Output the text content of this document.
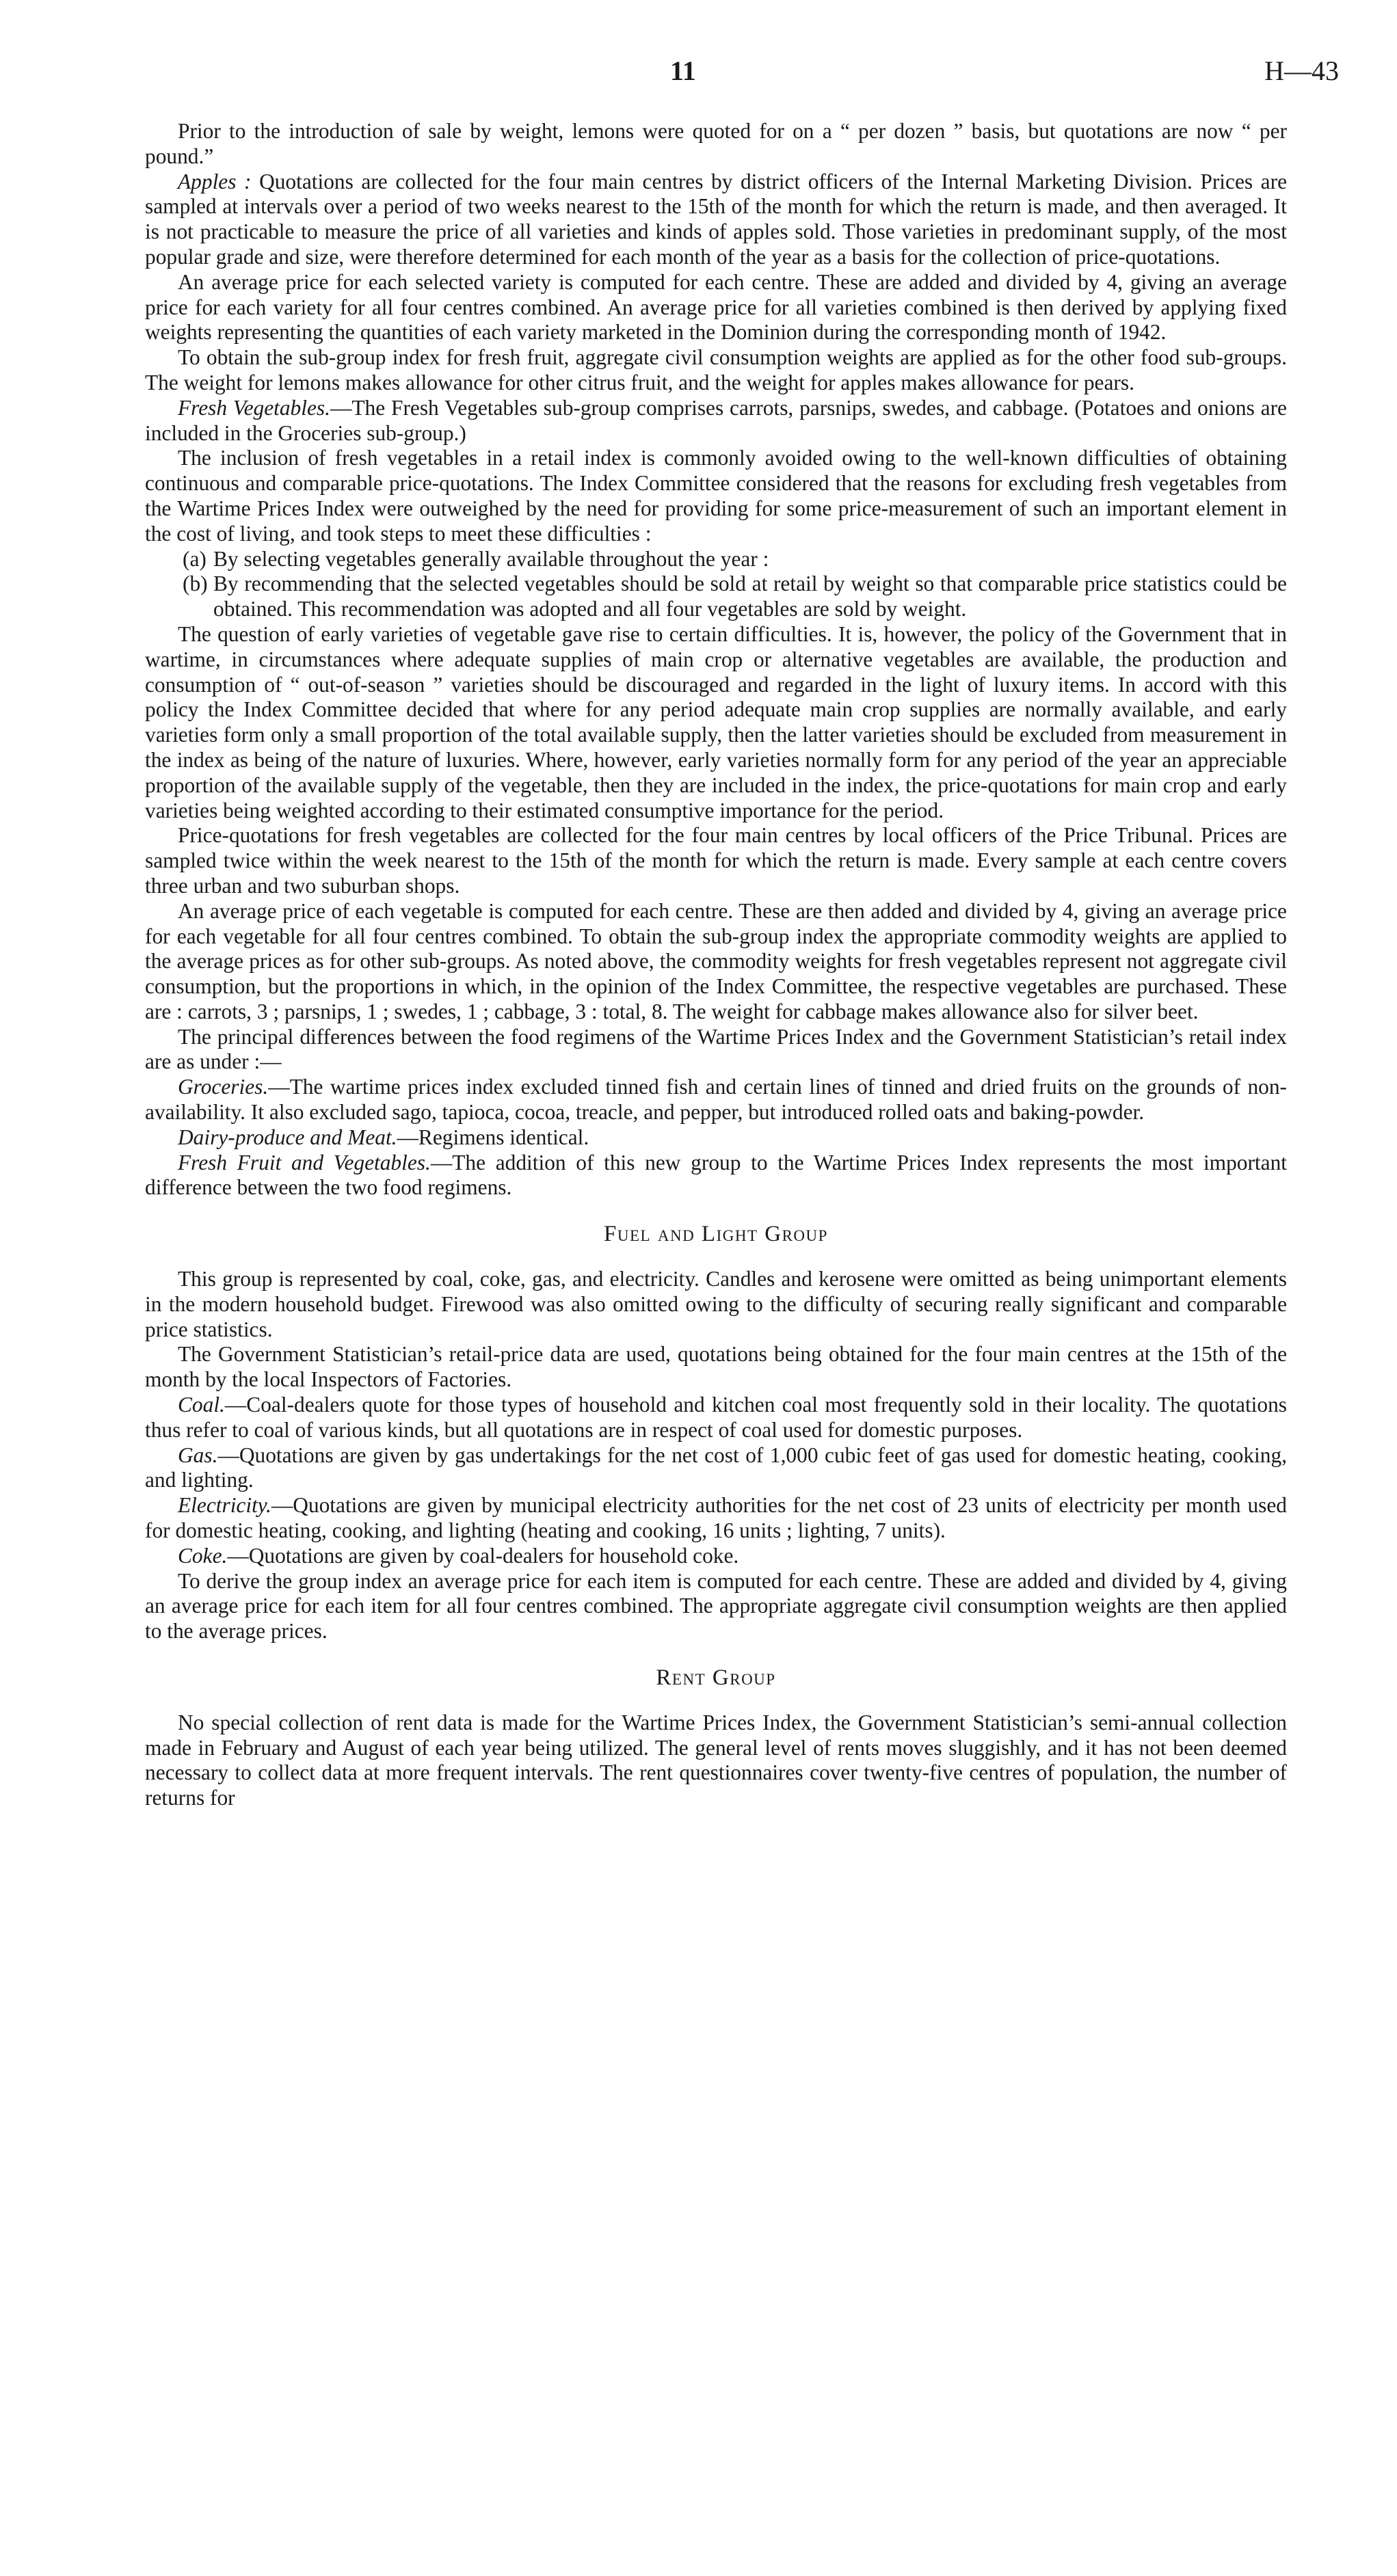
11	H—43

Prior to the introduction of sale by weight, lemons were quoted for on a “ per dozen ” basis, but quotations are now “ per pound.”

Apples : Quotations are collected for the four main centres by district officers of the Internal Marketing Division. Prices are sampled at intervals over a period of two weeks nearest to the 15th of the month for which the return is made, and then averaged. It is not practicable to measure the price of all varieties and kinds of apples sold. Those varieties in predominant supply, of the most popular grade and size, were therefore determined for each month of the year as a basis for the collection of price-quotations.

An average price for each selected variety is computed for each centre. These are added and divided by 4, giving an average price for each variety for all four centres combined. An average price for all varieties combined is then derived by applying fixed weights representing the quantities of each variety marketed in the Dominion during the corresponding month of 1942.

To obtain the sub-group index for fresh fruit, aggregate civil consumption weights are applied as for the other food sub-groups. The weight for lemons makes allowance for other citrus fruit, and the weight for apples makes allowance for pears.

Fresh Vegetables.—The Fresh Vegetables sub-group comprises carrots, parsnips, swedes, and cabbage. (Potatoes and onions are included in the Groceries sub-group.)

The inclusion of fresh vegetables in a retail index is commonly avoided owing to the well-known difficulties of obtaining continuous and comparable price-quotations. The Index Committee considered that the reasons for excluding fresh vegetables from the Wartime Prices Index were outweighed by the need for providing for some price-measurement of such an important element in the cost of living, and took steps to meet these difficulties :

(a) By selecting vegetables generally available throughout the year :

(b) By recommending that the selected vegetables should be sold at retail by weight so that comparable price statistics could be obtained. This recommendation was adopted and all four vegetables are sold by weight.

The question of early varieties of vegetable gave rise to certain difficulties. It is, however, the policy of the Government that in wartime, in circumstances where adequate supplies of main crop or alternative vegetables are available, the production and consumption of “ out-of-season ” varieties should be discouraged and regarded in the light of luxury items. In accord with this policy the Index Committee decided that where for any period adequate main crop supplies are normally available, and early varieties form only a small proportion of the total available supply, then the latter varieties should be excluded from measurement in the index as being of the nature of luxuries. Where, however, early varieties normally form for any period of the year an appreciable proportion of the available supply of the vegetable, then they are included in the index, the price-quotations for main crop and early varieties being weighted according to their estimated consumptive importance for the period.

Price-quotations for fresh vegetables are collected for the four main centres by local officers of the Price Tribunal. Prices are sampled twice within the week nearest to the 15th of the month for which the return is made. Every sample at each centre covers three urban and two suburban shops.

An average price of each vegetable is computed for each centre. These are then added and divided by 4, giving an average price for each vegetable for all four centres combined. To obtain the sub-group index the appropriate commodity weights are applied to the average prices as for other sub-groups. As noted above, the commodity weights for fresh vegetables represent not aggregate civil consumption, but the proportions in which, in the opinion of the Index Committee, the respective vegetables are purchased. These are : carrots, 3 ; parsnips, 1 ; swedes, 1 ; cabbage, 3 : total, 8. The weight for cabbage makes allowance also for silver beet.

The principal differences between the food regimens of the Wartime Prices Index and the Government Statistician’s retail index are as under :—

Groceries.—The wartime prices index excluded tinned fish and certain lines of tinned and dried fruits on the grounds of non-availability. It also excluded sago, tapioca, cocoa, treacle, and pepper, but introduced rolled oats and baking-powder.

Dairy-produce and Meat.—Regimens identical.

Fresh Fruit and Vegetables.—The addition of this new group to the Wartime Prices Index represents the most important difference between the two food regimens.

Fuel and Light Group

This group is represented by coal, coke, gas, and electricity. Candles and kerosene were omitted as being unimportant elements in the modern household budget. Firewood was also omitted owing to the difficulty of securing really significant and comparable price statistics.

The Government Statistician’s retail-price data are used, quotations being obtained for the four main centres at the 15th of the month by the local Inspectors of Factories.

Coal.—Coal-dealers quote for those types of household and kitchen coal most frequently sold in their locality. The quotations thus refer to coal of various kinds, but all quotations are in respect of coal used for domestic purposes.

Gas.—Quotations are given by gas undertakings for the net cost of 1,000 cubic feet of gas used for domestic heating, cooking, and lighting.

Electricity.—Quotations are given by municipal electricity authorities for the net cost of 23 units of electricity per month used for domestic heating, cooking, and lighting (heating and cooking, 16 units ; lighting, 7 units).

Coke.—Quotations are given by coal-dealers for household coke.

To derive the group index an average price for each item is computed for each centre. These are added and divided by 4, giving an average price for each item for all four centres combined. The appropriate aggregate civil consumption weights are then applied to the average prices.

Rent Group

No special collection of rent data is made for the Wartime Prices Index, the Government Statistician’s semi-annual collection made in February and August of each year being utilized. The general level of rents moves sluggishly, and it has not been deemed necessary to collect data at more frequent intervals. The rent questionnaires cover twenty-five centres of population, the number of returns for
